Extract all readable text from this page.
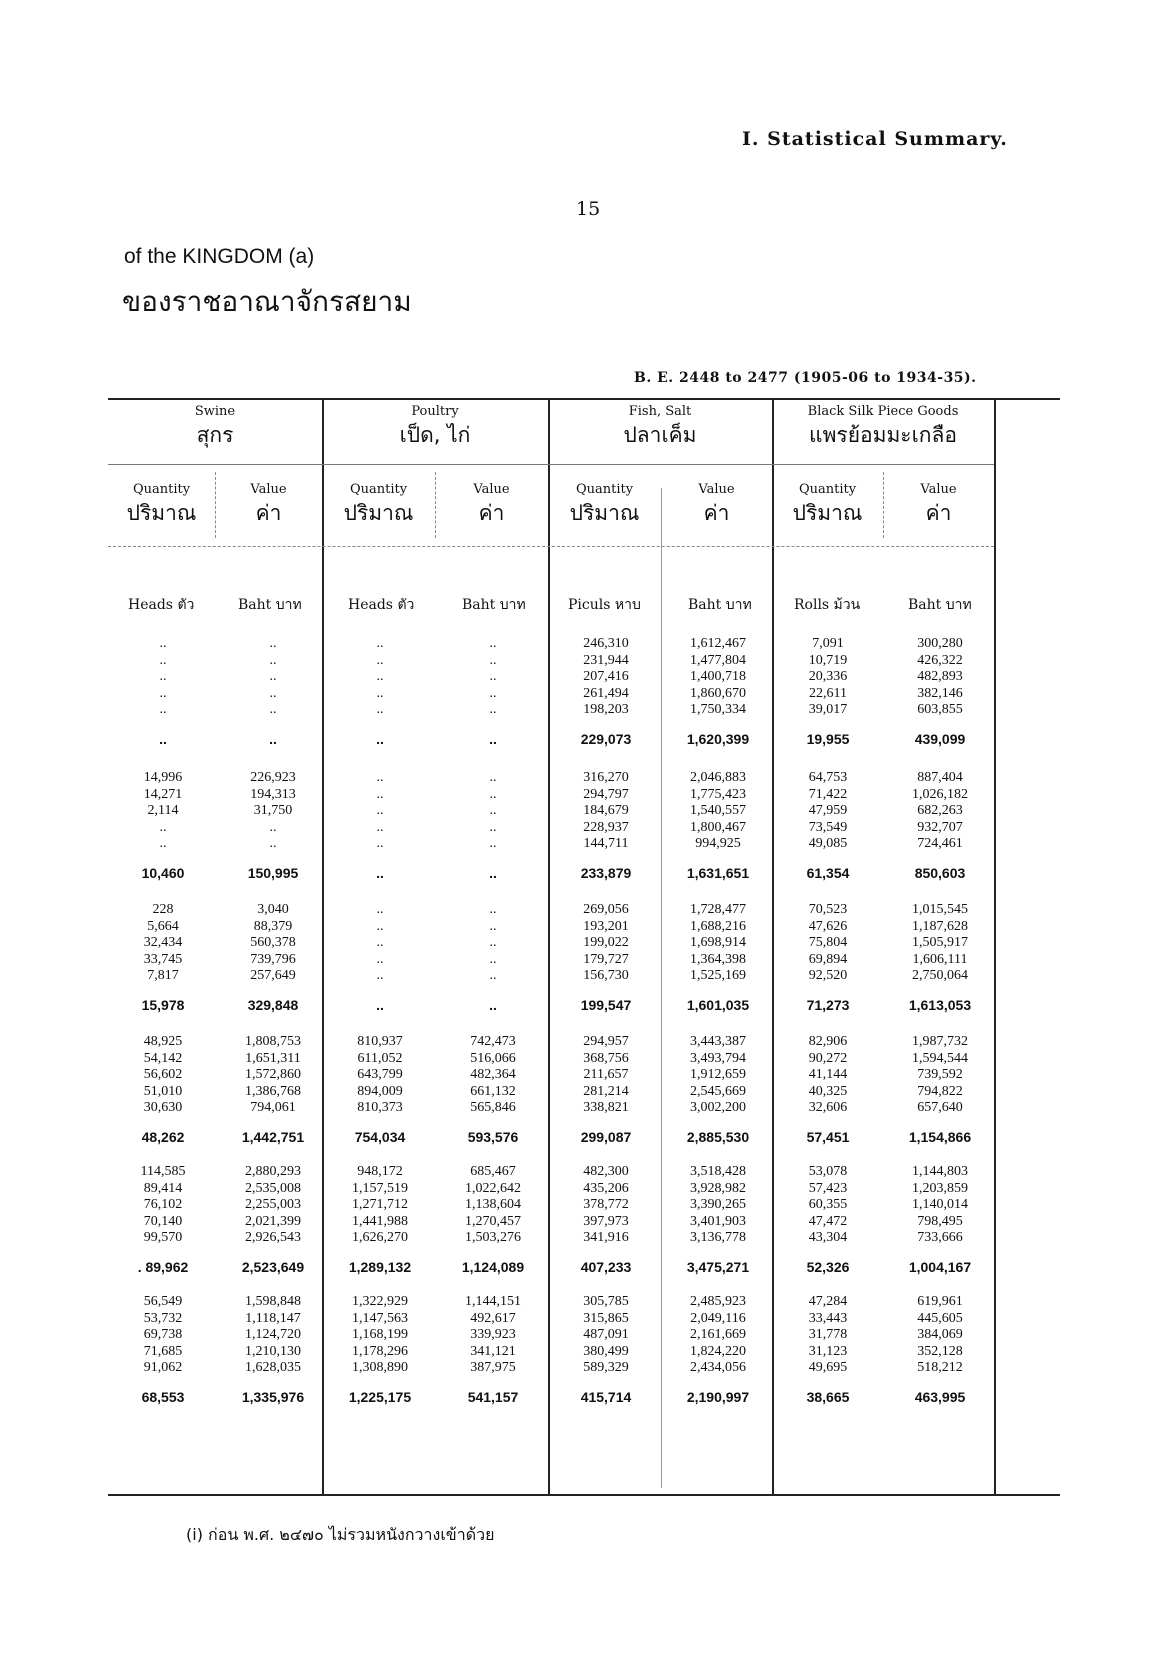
I. Statistical Summary.
15
of the KINGDOM (a)
ของราชอาณาจักรสยาม
B. E. 2448 to 2477 (1905-06 to 1934-35).
Swine
สุกร
Poultry
เป็ด, ไก่
Fish, Salt
ปลาเค็ม
Black Silk Piece Goods
แพรย้อมมะเกลือ
Quantity
ปริมาณ
Value
ค่า
Quantity
ปริมาณ
Value
ค่า
Quantity
ปริมาณ
Value
ค่า
Quantity
ปริมาณ
Value
ค่า
Heads ตัว	Baht บาท	Heads ตัว	Baht บาท	Piculs หาบ	Baht บาท	Rolls ม้วน	Baht บาท
..	..	..	..	246,310	1,612,467	7,091	300,280
..	..	..	..	231,944	1,477,804	10,719	426,322
..	..	..	..	207,416	1,400,718	20,336	482,893
..	..	..	..	261,494	1,860,670	22,611	382,146
..	..	..	..	198,203	1,750,334	39,017	603,855
..	..	..	..	229,073	1,620,399	19,955	439,099
14,996	226,923	..	..	316,270	2,046,883	64,753	887,404
14,271	194,313	..	..	294,797	1,775,423	71,422	1,026,182
2,114	31,750	..	..	184,679	1,540,557	47,959	682,263
..	..	..	..	228,937	1,800,467	73,549	932,707
..	..	..	..	144,711	994,925	49,085	724,461
10,460	150,995	..	..	233,879	1,631,651	61,354	850,603
228	3,040	..	..	269,056	1,728,477	70,523	1,015,545
5,664	88,379	..	..	193,201	1,688,216	47,626	1,187,628
32,434	560,378	..	..	199,022	1,698,914	75,804	1,505,917
33,745	739,796	..	..	179,727	1,364,398	69,894	1,606,111
7,817	257,649	..	..	156,730	1,525,169	92,520	2,750,064
15,978	329,848	..	..	199,547	1,601,035	71,273	1,613,053
48,925	1,808,753	810,937	742,473	294,957	3,443,387	82,906	1,987,732
54,142	1,651,311	611,052	516,066	368,756	3,493,794	90,272	1,594,544
56,602	1,572,860	643,799	482,364	211,657	1,912,659	41,144	739,592
51,010	1,386,768	894,009	661,132	281,214	2,545,669	40,325	794,822
30,630	794,061	810,373	565,846	338,821	3,002,200	32,606	657,640
48,262	1,442,751	754,034	593,576	299,087	2,885,530	57,451	1,154,866
114,585	2,880,293	948,172	685,467	482,300	3,518,428	53,078	1,144,803
89,414	2,535,008	1,157,519	1,022,642	435,206	3,928,982	57,423	1,203,859
76,102	2,255,003	1,271,712	1,138,604	378,772	3,390,265	60,355	1,140,014
70,140	2,021,399	1,441,988	1,270,457	397,973	3,401,903	47,472	798,495
99,570	2,926,543	1,626,270	1,503,276	341,916	3,136,778	43,304	733,666
. 89,962	2,523,649	1,289,132	1,124,089	407,233	3,475,271	52,326	1,004,167
56,549	1,598,848	1,322,929	1,144,151	305,785	2,485,923	47,284	619,961
53,732	1,118,147	1,147,563	492,617	315,865	2,049,116	33,443	445,605
69,738	1,124,720	1,168,199	339,923	487,091	2,161,669	31,778	384,069
71,685	1,210,130	1,178,296	341,121	380,499	1,824,220	31,123	352,128
91,062	1,628,035	1,308,890	387,975	589,329	2,434,056	49,695	518,212
68,553	1,335,976	1,225,175	541,157	415,714	2,190,997	38,665	463,995
(i) ก่อน พ.ศ. ๒๔๗๐ ไม่รวมหนังกวางเข้าด้วย
